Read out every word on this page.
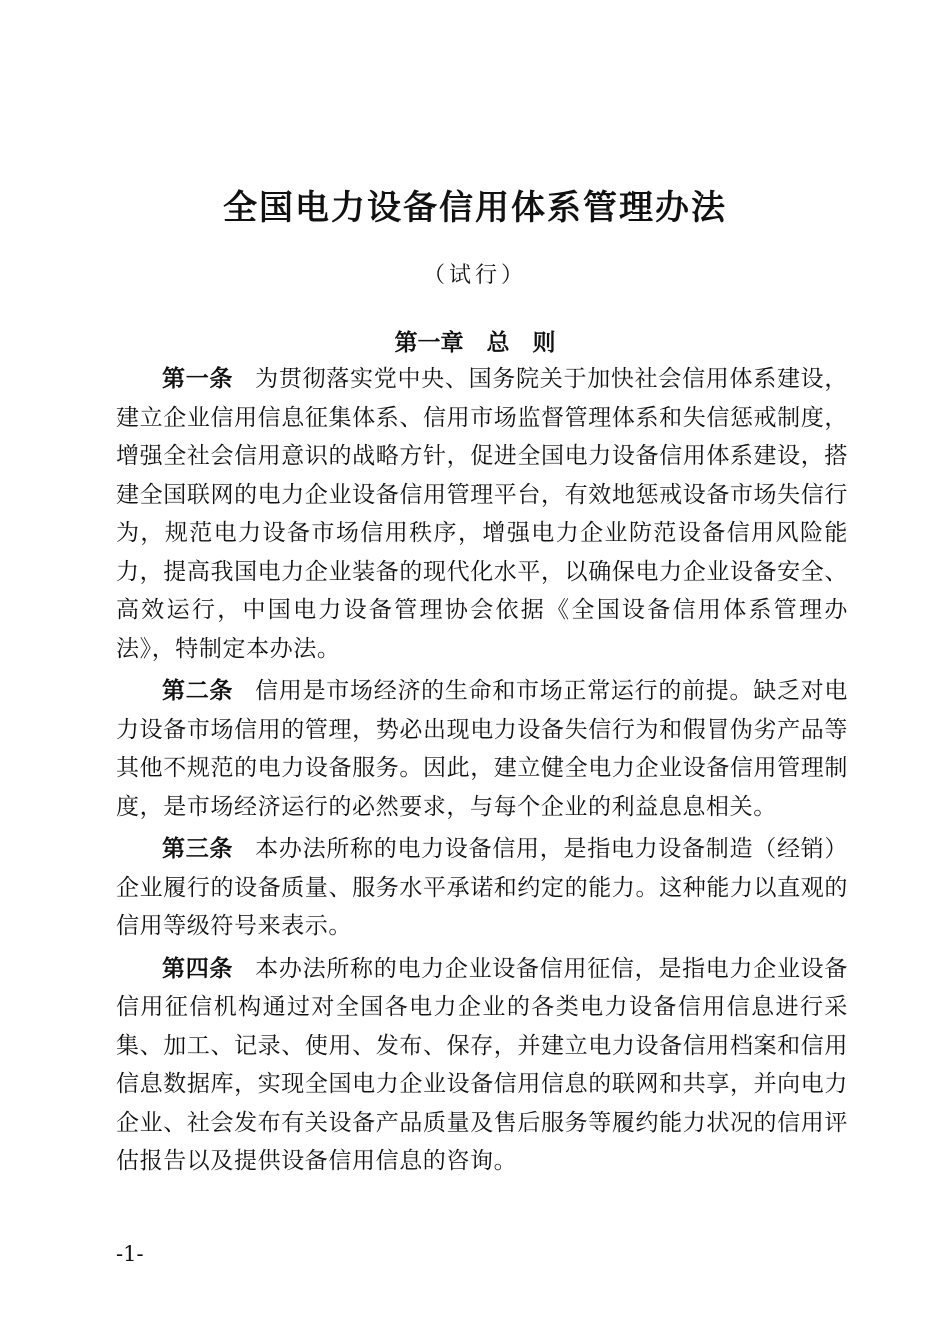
全国电力设备信用体系管理办法

（试行）

第一章　总　则

第一条 为贯彻落实党中央、国务院关于加快社会信用体系建设，建立企业信用信息征集体系、信用市场监督管理体系和失信惩戒制度，增强全社会信用意识的战略方针，促进全国电力设备信用体系建设，搭建全国联网的电力企业设备信用管理平台，有效地惩戒设备市场失信行为，规范电力设备市场信用秩序，增强电力企业防范设备信用风险能力，提高我国电力企业装备的现代化水平，以确保电力企业设备安全、高效运行，中国电力设备管理协会依据《全国设备信用体系管理办法》，特制定本办法。

第二条 信用是市场经济的生命和市场正常运行的前提。缺乏对电力设备市场信用的管理，势必出现电力设备失信行为和假冒伪劣产品等其他不规范的电力设备服务。因此，建立健全电力企业设备信用管理制度，是市场经济运行的必然要求，与每个企业的利益息息相关。

第三条 本办法所称的电力设备信用，是指电力设备制造（经销）企业履行的设备质量、服务水平承诺和约定的能力。这种能力以直观的信用等级符号来表示。

第四条 本办法所称的电力企业设备信用征信，是指电力企业设备信用征信机构通过对全国各电力企业的各类电力设备信用信息进行采集、加工、记录、使用、发布、保存，并建立电力设备信用档案和信用信息数据库，实现全国电力企业设备信用信息的联网和共享，并向电力企业、社会发布有关设备产品质量及售后服务等履约能力状况的信用评估报告以及提供设备信用信息的咨询。

-1-
